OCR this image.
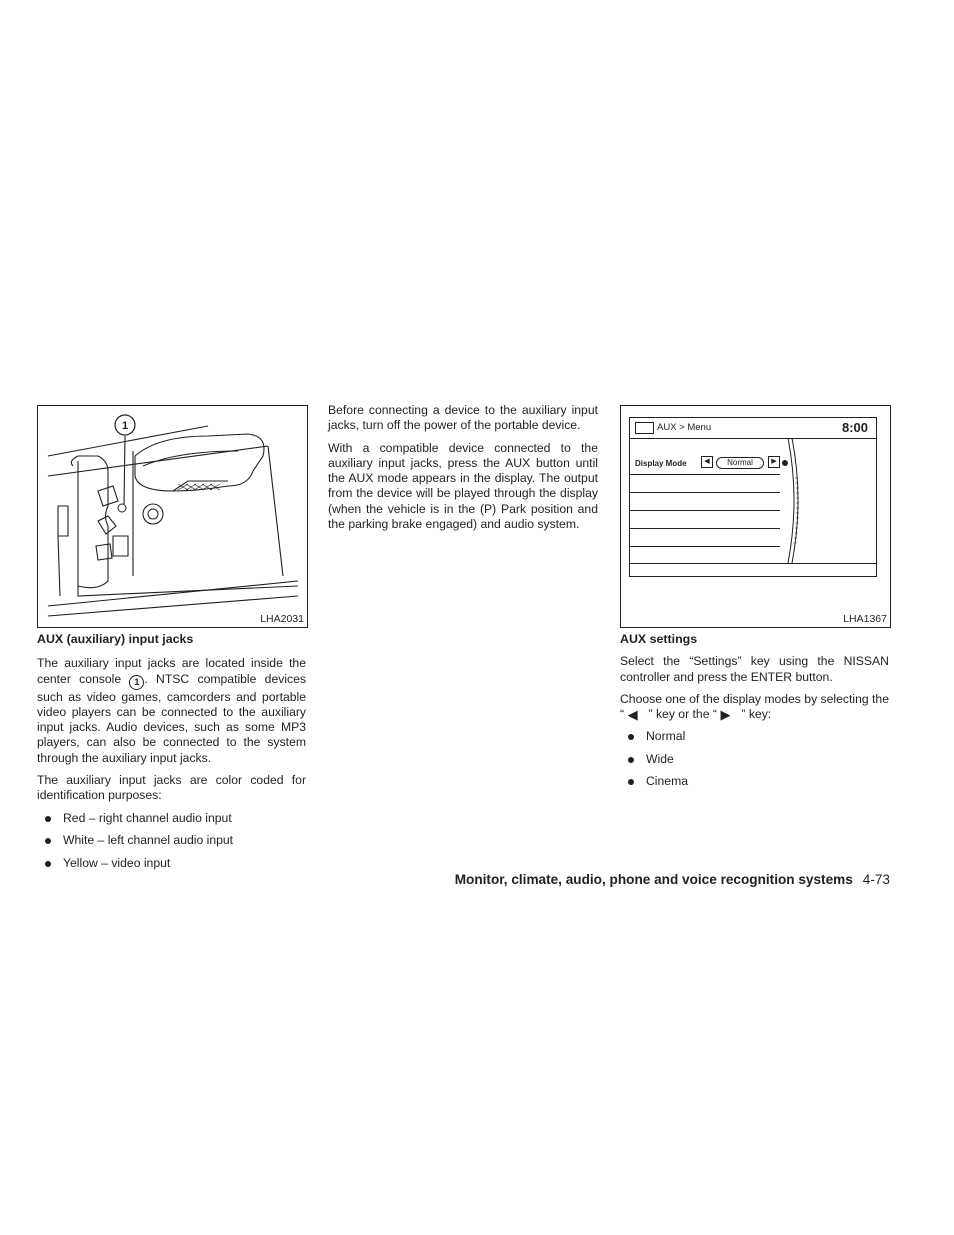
1
LHA2031
AUX (auxiliary) input jacks

The auxiliary input jacks are located inside the center console 1 . NTSC compatible devices such as video games, camcorders and portable video players can be connected to the auxiliary input jacks. Audio devices, such as some MP3 players, can also be connected to the system through the auxiliary input jacks.

The auxiliary input jacks are color coded for identification purposes:

Red – right channel audio input
White – left channel audio input
Yellow – video input

Before connecting a device to the auxiliary input jacks, turn off the power of the portable device.

With a compatible device connected to the auxiliary input jacks, press the AUX button until the AUX mode appears in the display. The output from the device will be played through the display (when the vehicle is in the (P) Park position and the parking brake engaged) and audio system.

AUX > Menu	8:00
Display Mode	◀	Normal	▶
LHA1367
AUX settings

Select the “Settings” key using the NISSAN controller and press the ENTER button.

Choose one of the display modes by selecting the “ ◀   ” key or the “ ▶   ” key:

Normal
Wide
Cinema
Monitor, climate, audio, phone and voice recognition systems 4-73
